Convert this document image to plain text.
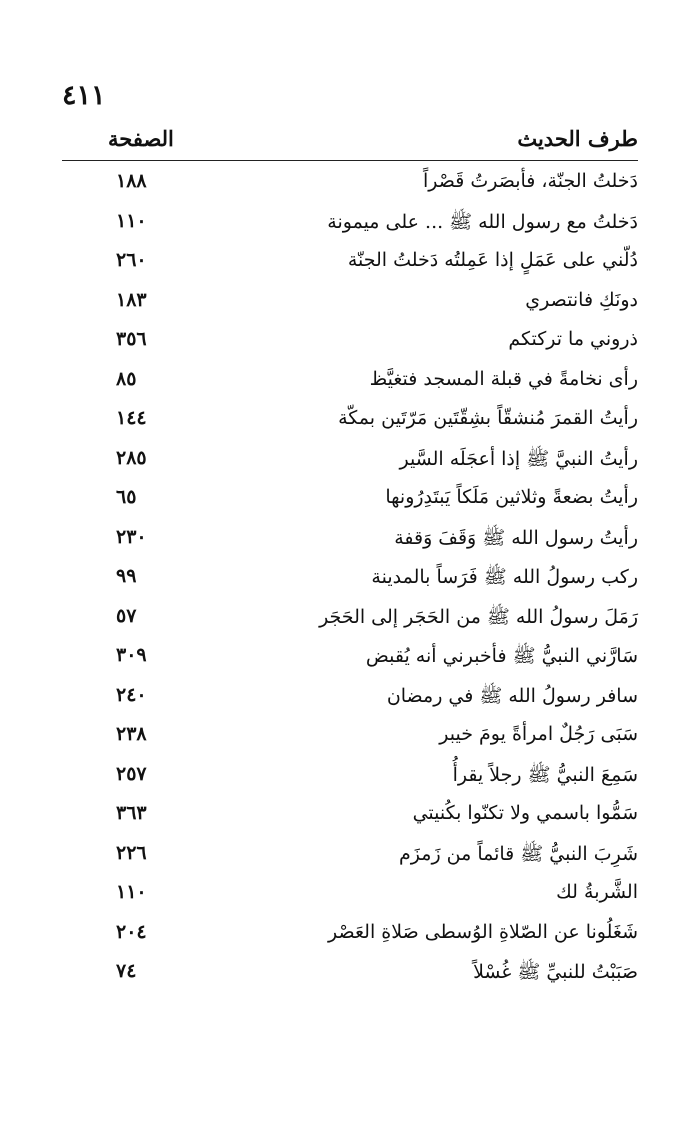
٤١١
طرف الحديث
الصفحة
دَخلتُ الجنّة، فأبصَرتُ قَصْراً
١٨٨
دَخلتُ مع رسول الله ﷺ ... على ميمونة
١١٠
دُلّني على عَمَلٍ إذا عَمِلتُه دَخلتُ الجنّة
٢٦٠
دونَكِ فانتصري
١٨٣
ذروني ما تركتكم
٣٥٦
رأى نخامةً في قبلة المسجد فتغيَّظ
٨٥
رأيتُ القمرَ مُنشقّاً بشِقّتَين مَرّتَين بمكّة
١٤٤
رأيتُ النبيَّ ﷺ إذا أعجَلَه السَّير
٢٨٥
رأيتُ بضعةً وثلاثين مَلَكاً يَبتَدِرُونها
٦٥
رأيتُ رسول الله ﷺ وَقَفَ وَقفة
٢٣٠
ركب رسولُ الله ﷺ فَرَساً بالمدينة
٩٩
رَمَلَ رسولُ الله ﷺ من الحَجَر إلى الحَجَر
٥٧
سَارَّني النبيُّ ﷺ فأخبرني أنه يُقبض
٣٠٩
سافر رسولُ الله ﷺ في رمضان
٢٤٠
سَبَى رَجُلٌ امرأةً يومَ خيبر
٢٣٨
سَمِعَ النبيُّ ﷺ رجلاً يقرأُ
٢٥٧
سَمُّوا باسمي ولا تكنّوا بكُنيتي
٣٦٣
شَرِبَ النبيُّ ﷺ قائماً من زَمزَم
٢٢٦
الشَّربةُ لك
١١٠
شَغَلُونا عن الصّلاةِ الوُسطى صَلاةِ العَصْر
٢٠٤
صَبَبْتُ للنبيِّ ﷺ غُسْلاً
٧٤
